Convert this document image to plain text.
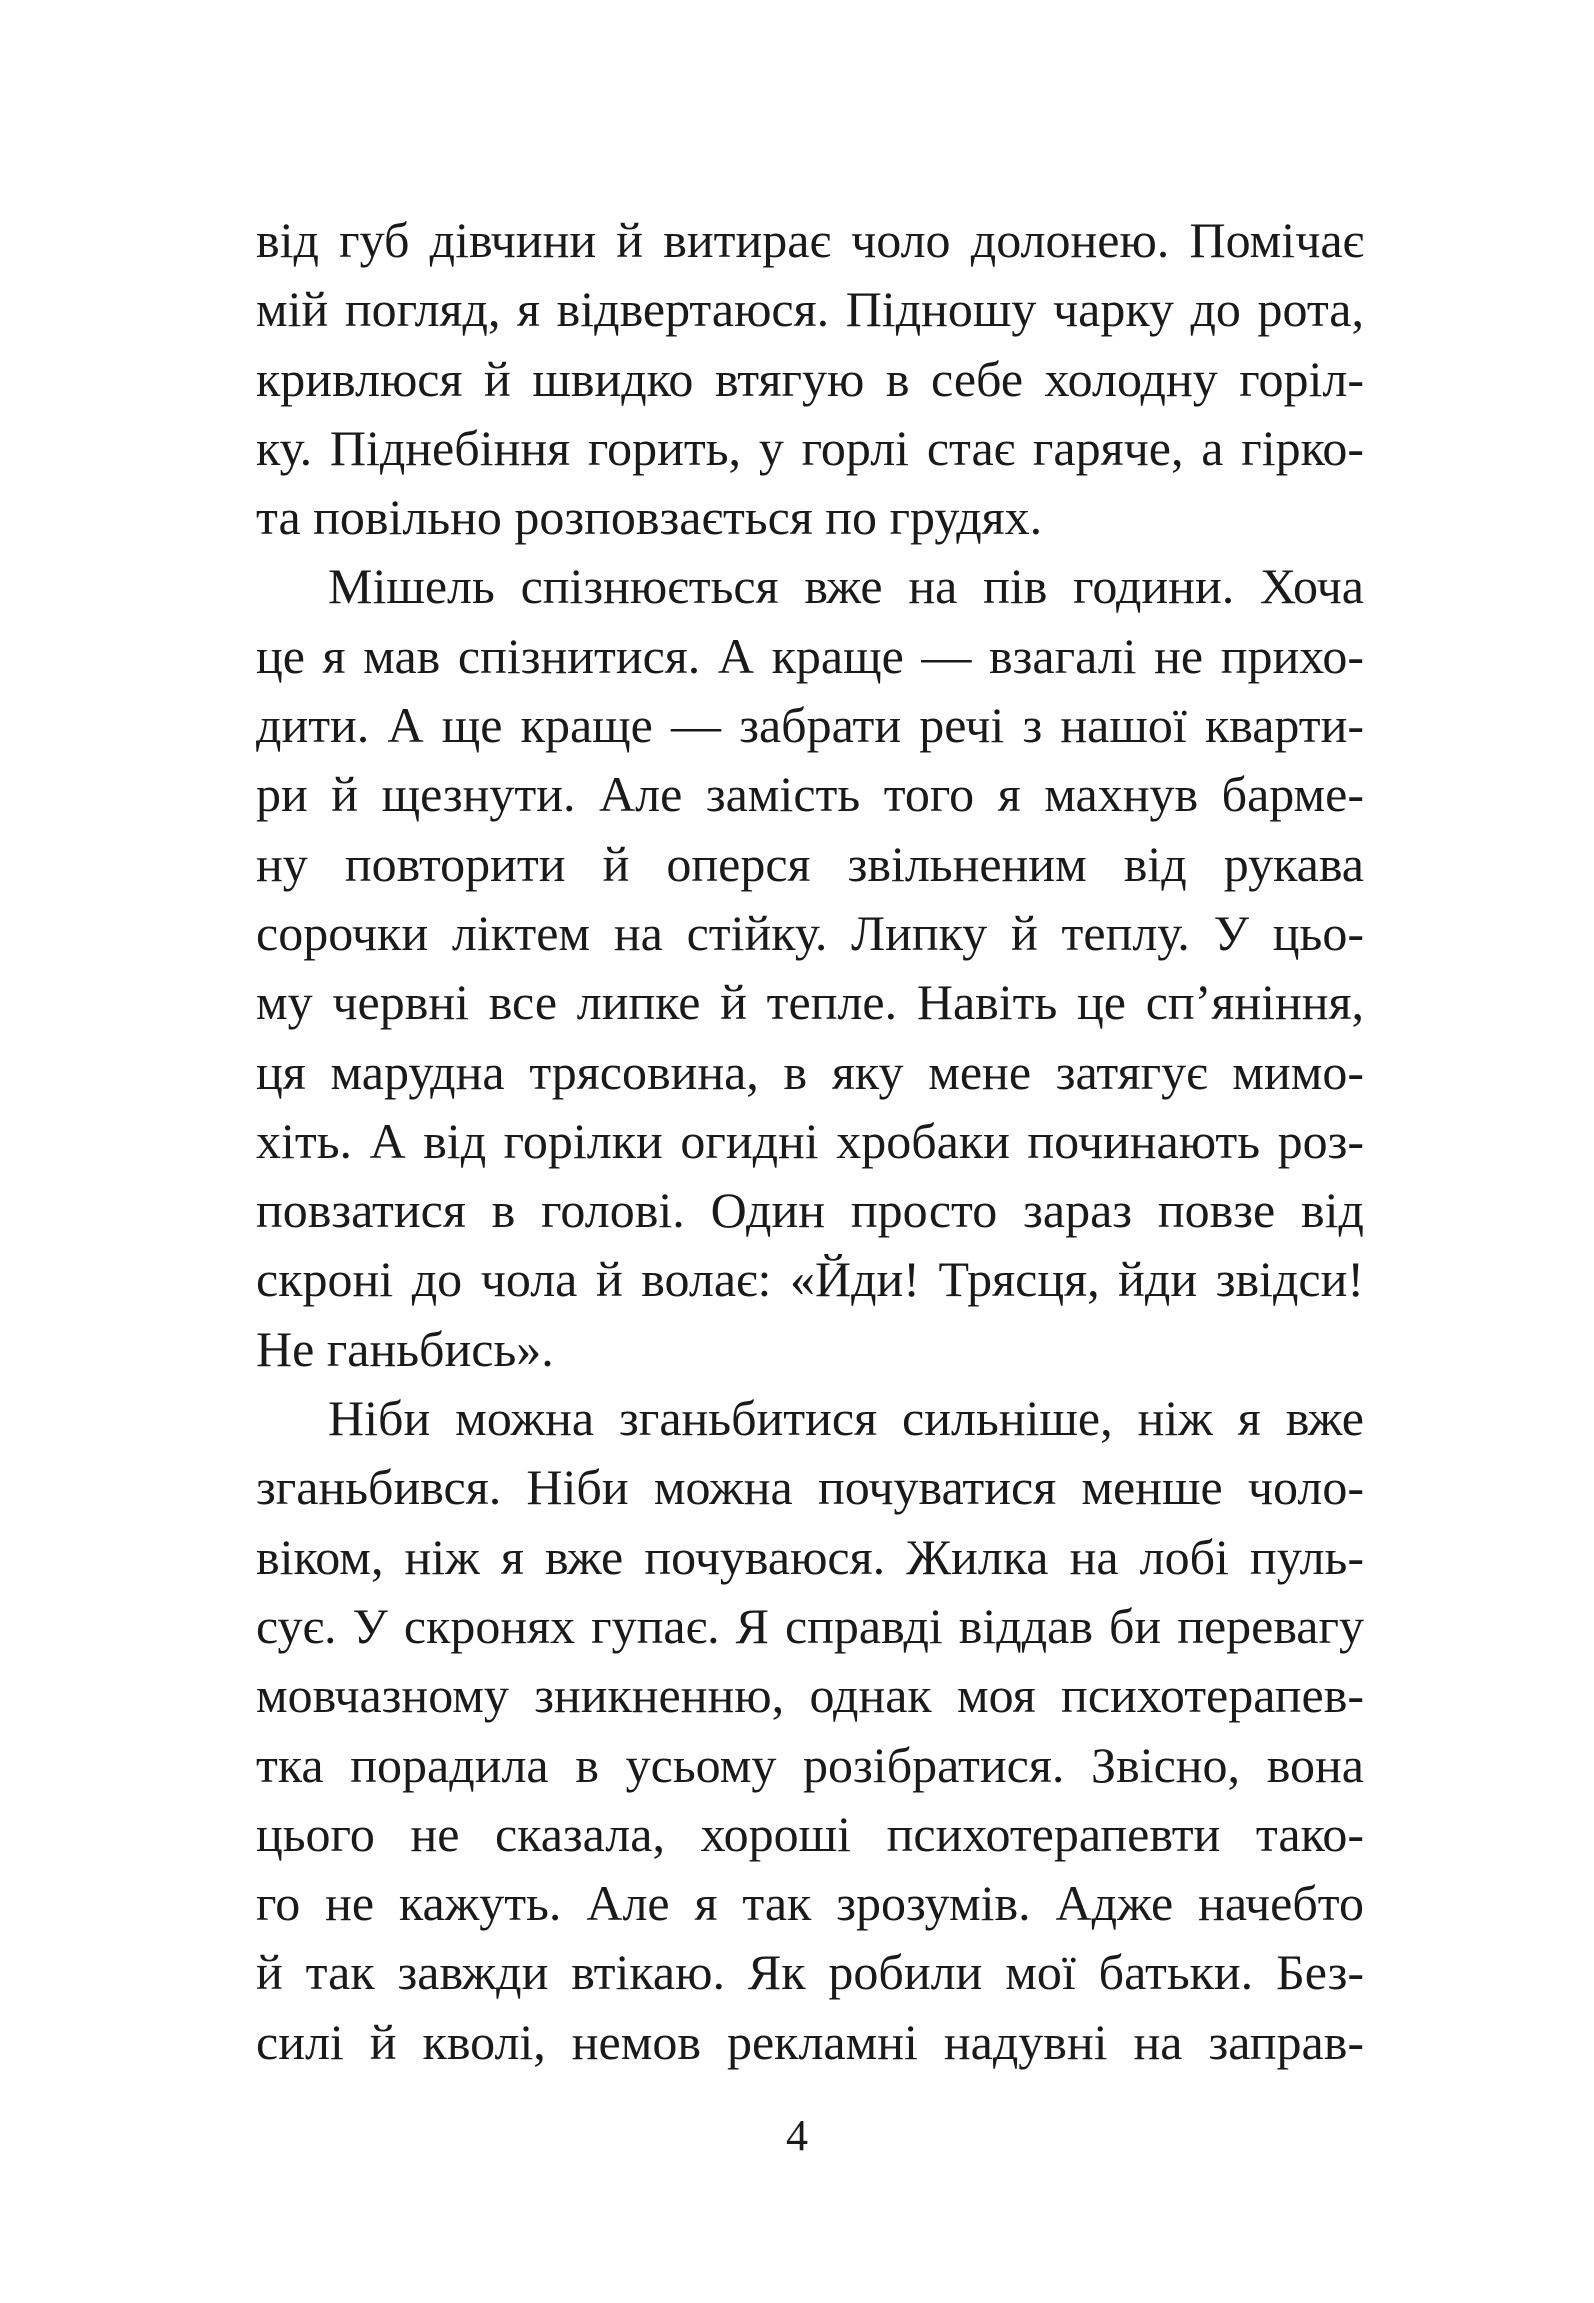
від губ дівчини й витирає чоло долонею. Помічає
мій погляд, я відвертаюся. Підношу чарку до рота,
кривлюся й швидко втягую в себе холодну горіл-
ку. Піднебіння горить, у горлі стає гаряче, а гірко-
та повільно розповзається по грудях.
Мішель спізнюється вже на пів години. Хоча
це я мав спізнитися. А краще — взагалі не прихо-
дити. А ще краще — забрати речі з нашої кварти-
ри й щезнути. Але замість того я махнув барме-
ну повторити й оперся звільненим від рукава
сорочки ліктем на стійку. Липку й теплу. У цьо-
му червні все липке й тепле. Навіть це сп’яніння,
ця марудна трясовина, в яку мене затягує мимо-
хіть. А від горілки огидні хробаки починають роз-
повзатися в голові. Один просто зараз повзе від
скроні до чола й волає: «Йди! Трясця, йди звідси!
Не ганьбись».
Ніби можна зганьбитися сильніше, ніж я вже
зганьбився. Ніби можна почуватися менше чоло-
віком, ніж я вже почуваюся. Жилка на лобі пуль-
сує. У скронях гупає. Я справді віддав би перевагу
мовчазному зникненню, однак моя психотерапев-
тка порадила в усьому розібратися. Звісно, вона
цього не сказала, хороші психотерапевти тако-
го не кажуть. Але я так зрозумів. Адже начебто
й так завжди втікаю. Як робили мої батьки. Без-
силі й кволі, немов рекламні надувні на заправ-
4
